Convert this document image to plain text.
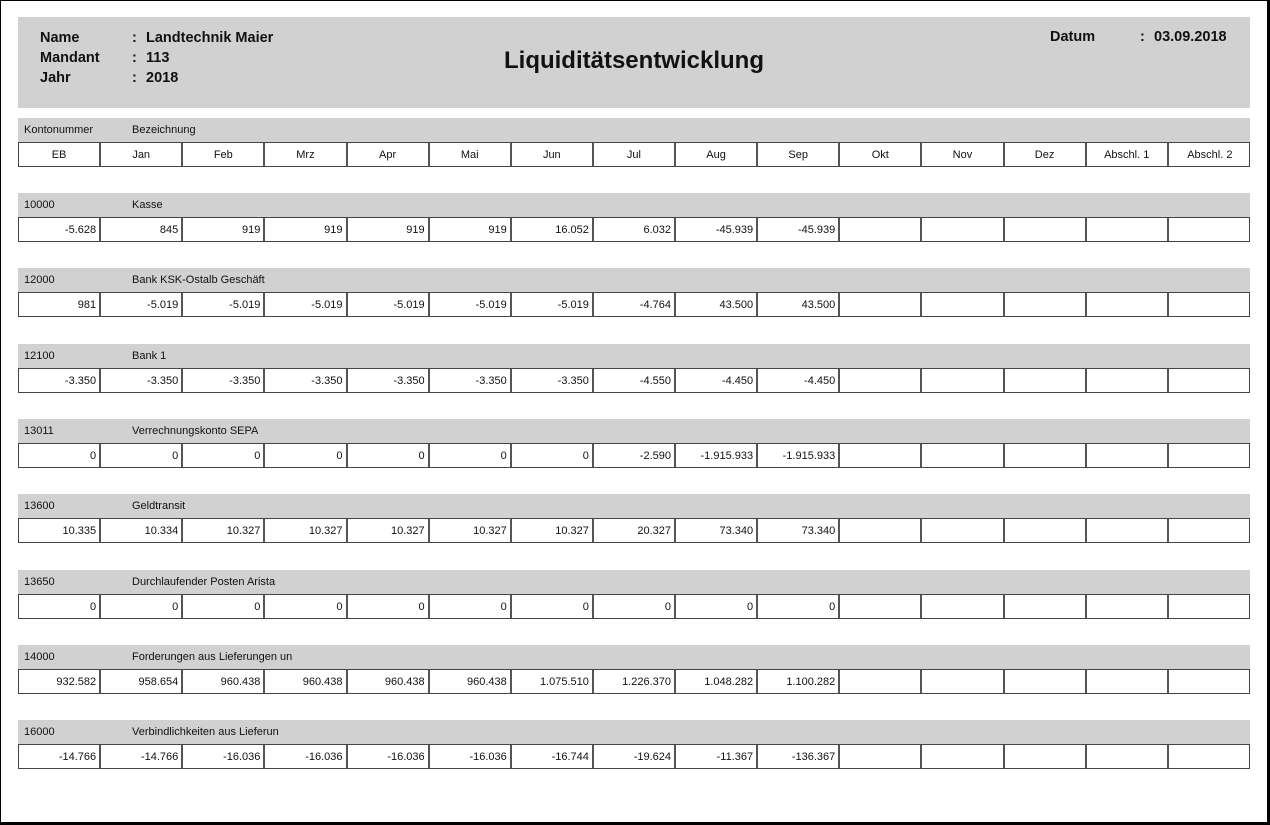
Name	: Landtechnik Maier
Mandant	: 113
Jahr	: 2018
Liquiditätsentwicklung
Datum	: 03.09.2018
Kontonummer	Bezeichnung
EB	Jan	Feb	Mrz	Apr	Mai	Jun	Jul	Aug	Sep	Okt	Nov	Dez	Abschl. 1	Abschl. 2
10000	Kasse
-5.628	845	919	919	919	919	16.052	6.032	-45.939	-45.939
12000	Bank KSK-Ostalb Geschäft
981	-5.019	-5.019	-5.019	-5.019	-5.019	-5.019	-4.764	43.500	43.500
12100	Bank 1
-3.350	-3.350	-3.350	-3.350	-3.350	-3.350	-3.350	-4.550	-4.450	-4.450
13011	Verrechnungskonto SEPA
0	0	0	0	0	0	0	-2.590	-1.915.933	-1.915.933
13600	Geldtransit
10.335	10.334	10.327	10.327	10.327	10.327	10.327	20.327	73.340	73.340
13650	Durchlaufender Posten Arista
0	0	0	0	0	0	0	0	0	0
14000	Forderungen aus Lieferungen un
932.582	958.654	960.438	960.438	960.438	960.438	1.075.510	1.226.370	1.048.282	1.100.282
16000	Verbindlichkeiten aus Lieferun
-14.766	-14.766	-16.036	-16.036	-16.036	-16.036	-16.744	-19.624	-11.367	-136.367
